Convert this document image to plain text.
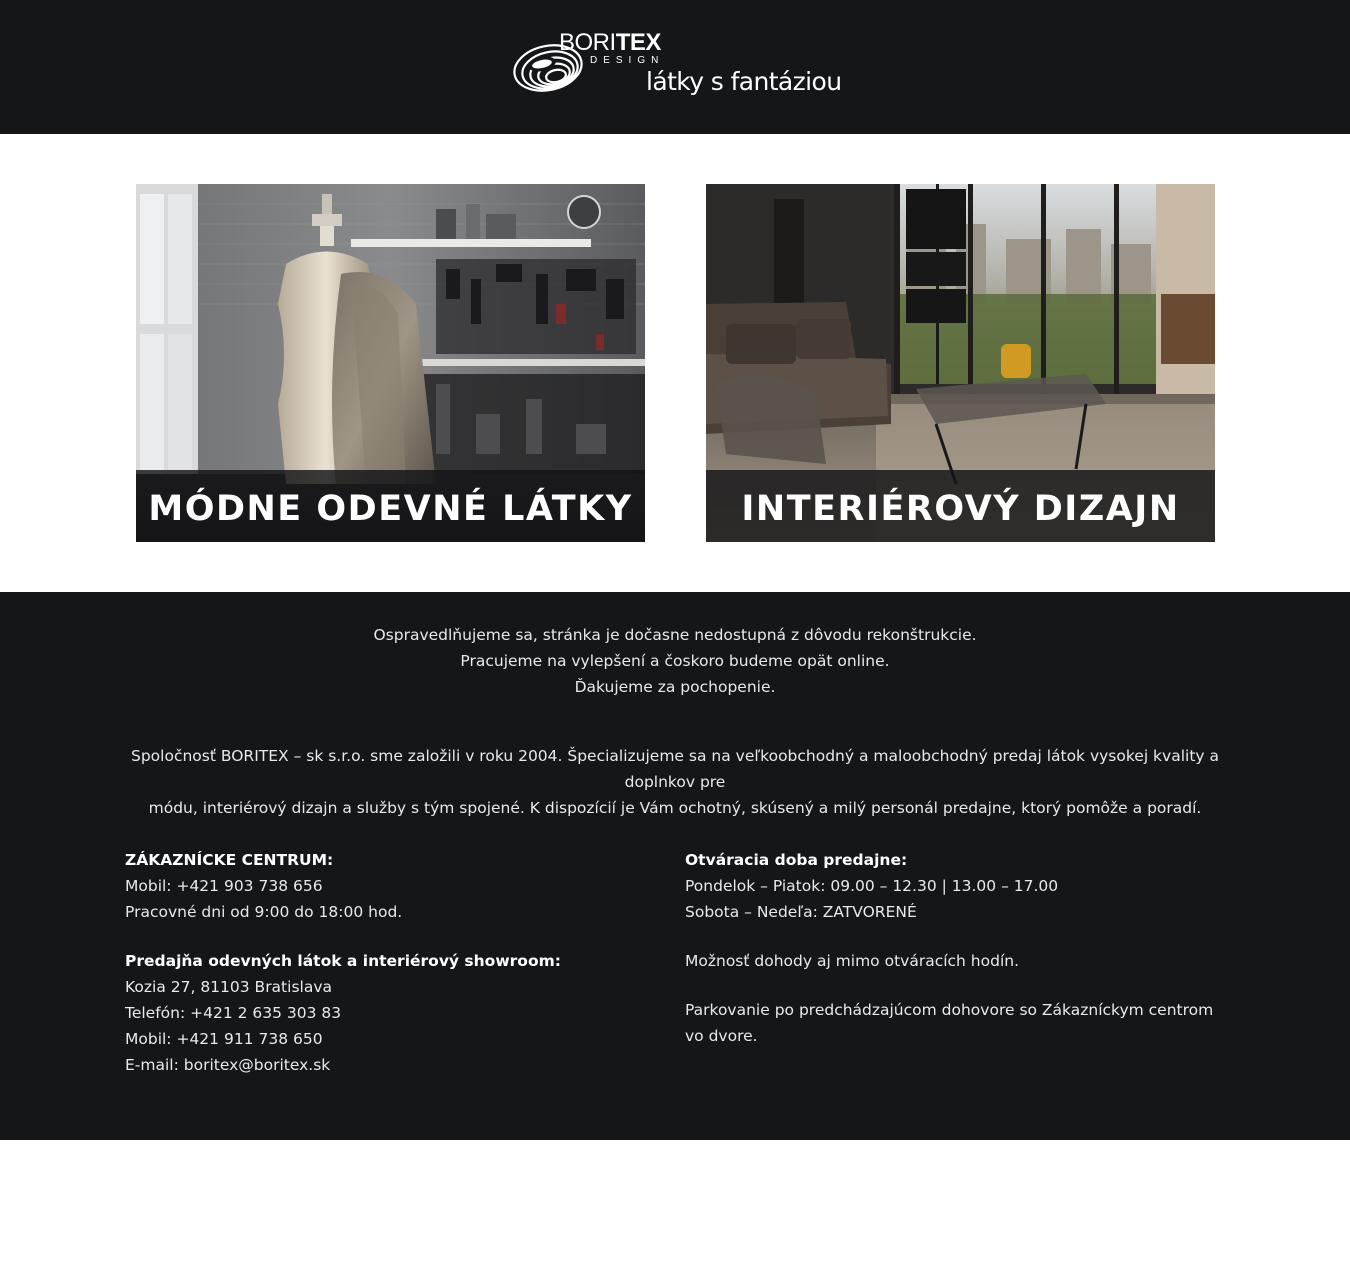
BORITEX
DESIGN
látky s fantáziou
MÓDNE ODEVNÉ LÁTKY	INTERIÉROVÝ DIZAJN
Ospravedlňujeme sa, stránka je dočasne nedostupná z dôvodu rekonštrukcie.
Pracujeme na vylepšení a čoskoro budeme opät online.
Ďakujeme za pochopenie.
Spoločnosť BORITEX – sk s.r.o. sme založili v roku 2004. Špecializujeme sa na veľkoobchodný a maloobchodný predaj látok vysokej kvality a doplnkov pre
módu, interiérový dizajn a služby s tým spojené. K dispozícií je Vám ochotný, skúsený a milý personál predajne, ktorý pomôže a poradí.
ZÁKAZNÍCKE CENTRUM:
Mobil: +421 903 738 656
Pracovné dni od 9:00 do 18:00 hod.
Predajňa odevných látok a interiérový showroom:
Kozia 27, 81103 Bratislava
Telefón: +421 2 635 303 83
Mobil: +421 911 738 650
E-mail: boritex@boritex.sk
Otváracia doba predajne:
Pondelok – Piatok: 09.00 – 12.30 | 13.00 – 17.00
Sobota – Nedeľa: ZATVORENÉ
Možnosť dohody aj mimo otváracích hodín.
Parkovanie po predchádzajúcom dohovore so Zákazníckym centrom vo dvore.
